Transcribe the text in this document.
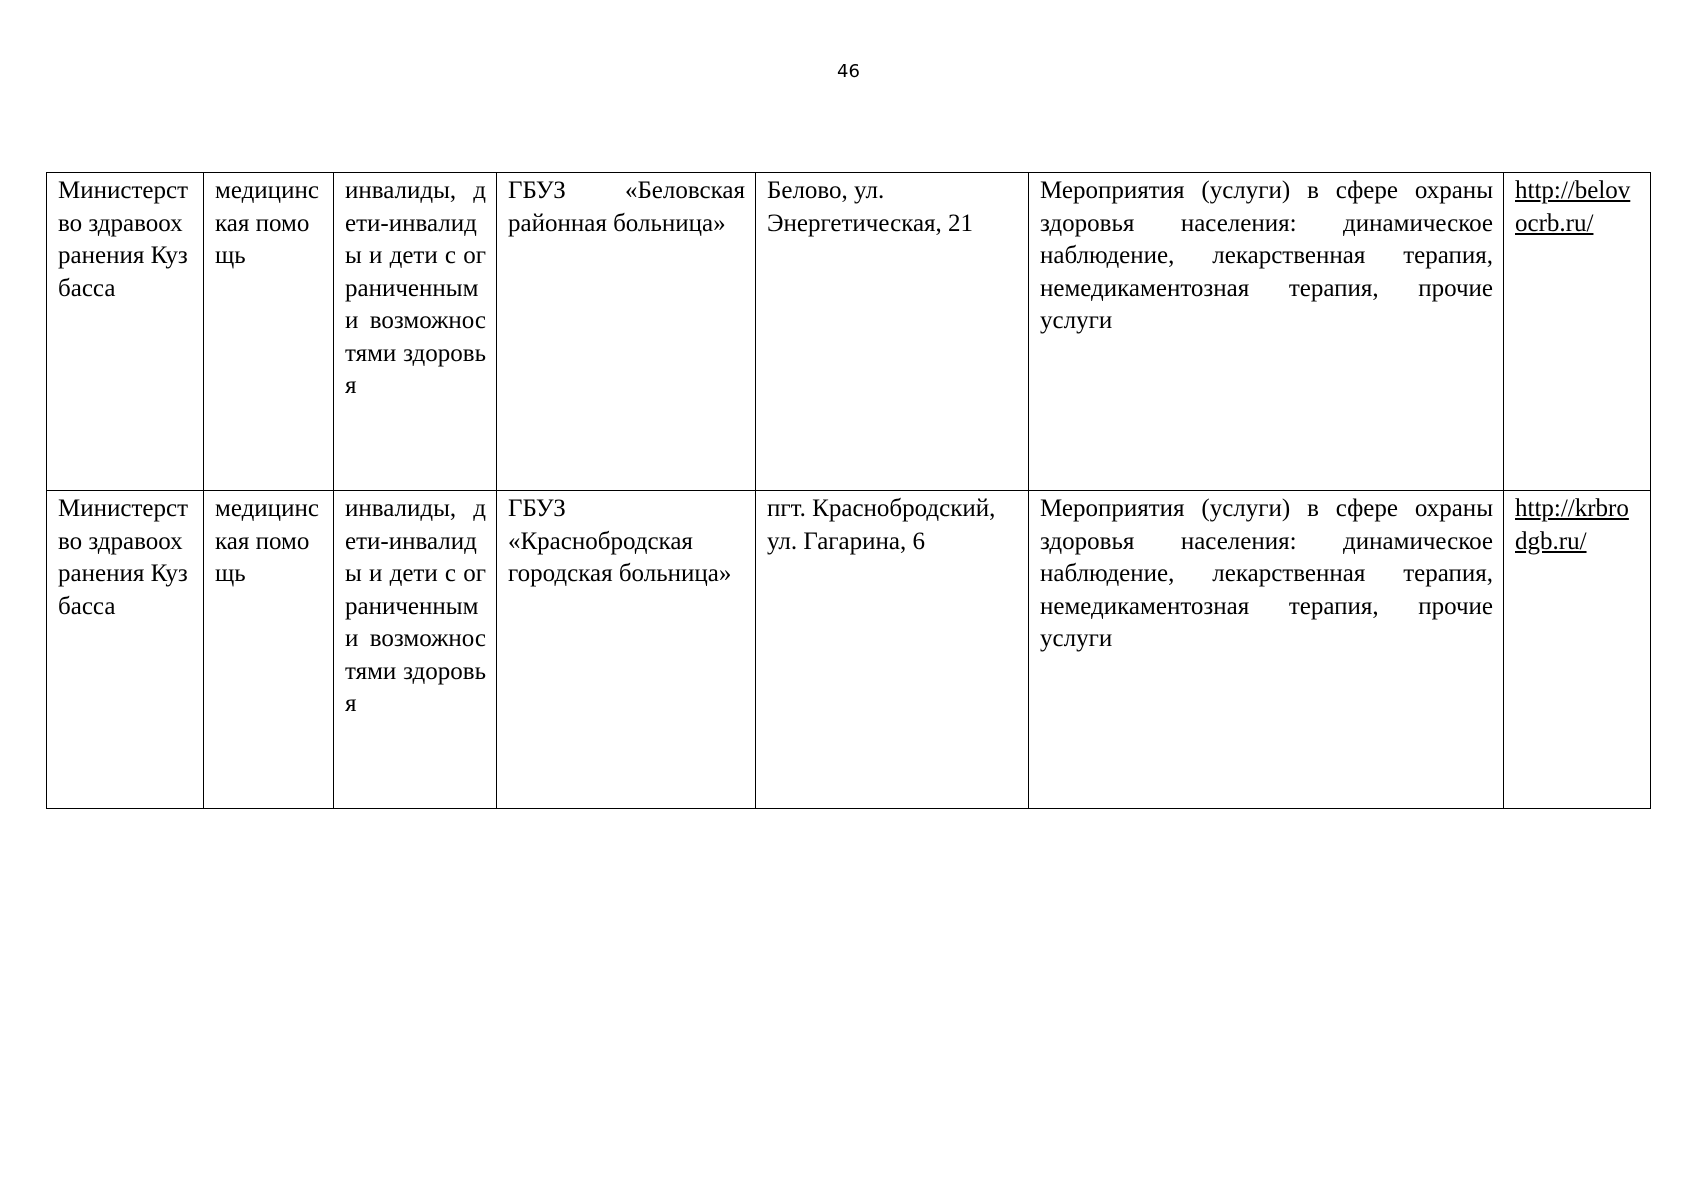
46
Министерство здравоохранения Кузбасса	медицинская помощь	инвалиды, дети-инвалиды и дети с ограниченными возможностями здоровья	ГБУЗ «Беловская районная больница»	Белово, ул. Энергетическая, 21	Мероприятия (услуги) в сфере охраны здоровья населения: динамическое наблюдение, лекарственная терапия, немедикаментозная терапия, прочие услуги	http://belovocrb.ru/

Министерство здравоохранения Кузбасса	медицинская помощь	инвалиды, дети-инвалиды и дети с ограниченными возможностями здоровья	ГБУЗ «Краснобродская городская больница»	пгт. Краснобродский, ул. Гагарина, 6	Мероприятия (услуги) в сфере охраны здоровья населения: динамическое наблюдение, лекарственная терапия, немедикаментозная терапия, прочие услуги	http://krbrodgb.ru/
